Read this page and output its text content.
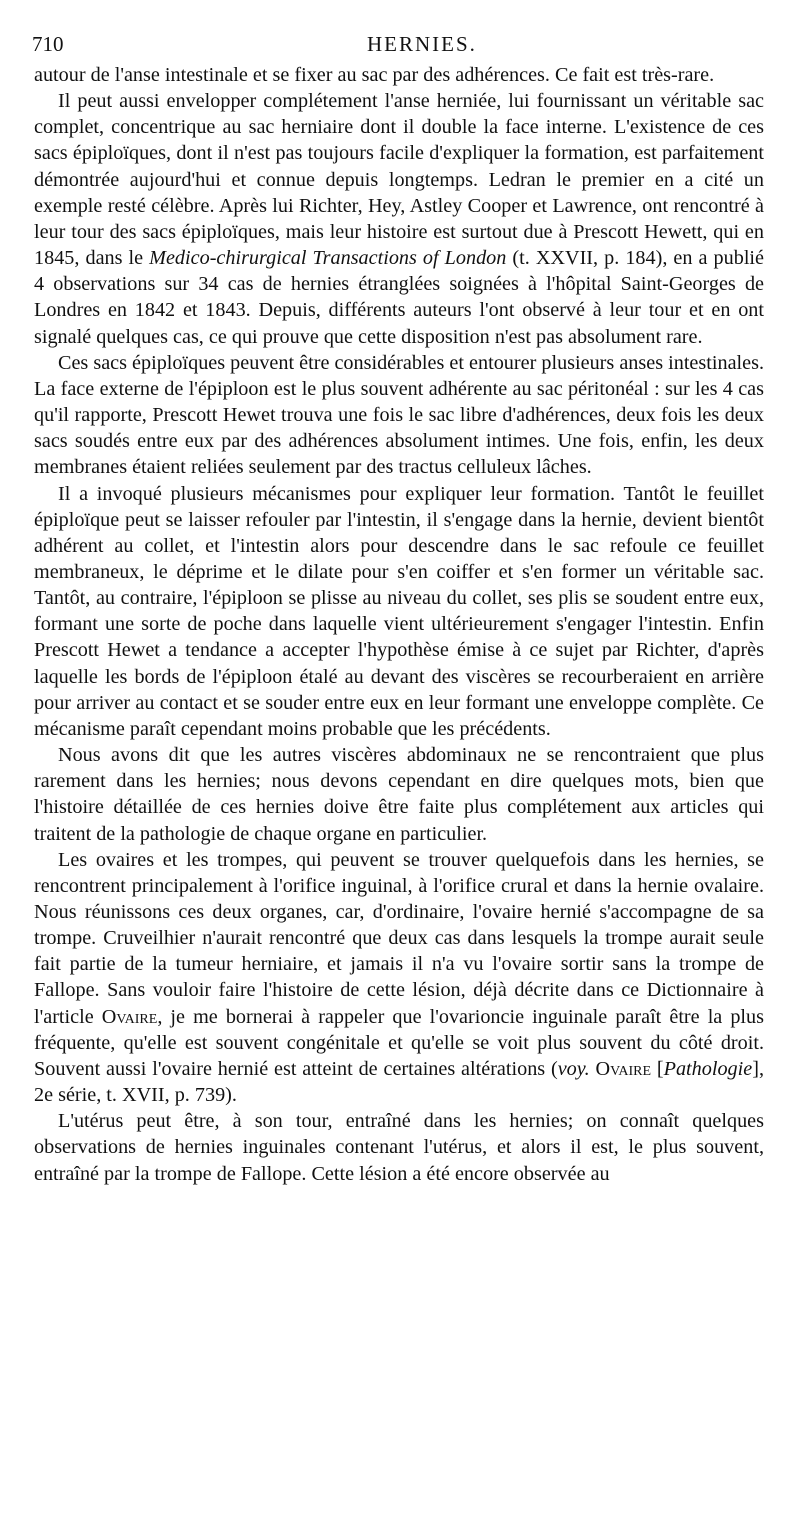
710	HERNIES.

autour de l'anse intestinale et se fixer au sac par des adhérences. Ce fait est très-rare.

Il peut aussi envelopper complétement l'anse herniée, lui fournissant un véritable sac complet, concentrique au sac herniaire dont il double la face interne. L'existence de ces sacs épiploïques, dont il n'est pas toujours facile d'expliquer la formation, est parfaitement démontrée aujourd'hui et connue depuis longtemps. Ledran le premier en a cité un exemple resté célèbre. Après lui Richter, Hey, Astley Cooper et Lawrence, ont rencontré à leur tour des sacs épiploïques, mais leur histoire est surtout due à Prescott Hewett, qui en 1845, dans le Medico-chirurgical Transactions of London (t. XXVII, p. 184), en a publié 4 observations sur 34 cas de hernies étranglées soignées à l'hôpital Saint-Georges de Londres en 1842 et 1843. Depuis, différents auteurs l'ont observé à leur tour et en ont signalé quelques cas, ce qui prouve que cette disposition n'est pas absolument rare.

Ces sacs épiploïques peuvent être considérables et entourer plusieurs anses intestinales. La face externe de l'épiploon est le plus souvent adhérente au sac péritonéal : sur les 4 cas qu'il rapporte, Prescott Hewet trouva une fois le sac libre d'adhérences, deux fois les deux sacs soudés entre eux par des adhérences absolument intimes. Une fois, enfin, les deux membranes étaient reliées seulement par des tractus celluleux lâches.

Il a invoqué plusieurs mécanismes pour expliquer leur formation. Tantôt le feuillet épiploïque peut se laisser refouler par l'intestin, il s'engage dans la hernie, devient bientôt adhérent au collet, et l'intestin alors pour descendre dans le sac refoule ce feuillet membraneux, le déprime et le dilate pour s'en coiffer et s'en former un véritable sac. Tantôt, au contraire, l'épiploon se plisse au niveau du collet, ses plis se soudent entre eux, formant une sorte de poche dans laquelle vient ultérieurement s'engager l'intestin. Enfin Prescott Hewet a tendance a accepter l'hypothèse émise à ce sujet par Richter, d'après laquelle les bords de l'épiploon étalé au devant des viscères se recourberaient en arrière pour arriver au contact et se souder entre eux en leur formant une enveloppe complète. Ce mécanisme paraît cependant moins probable que les précédents.

Nous avons dit que les autres viscères abdominaux ne se rencontraient que plus rarement dans les hernies; nous devons cependant en dire quelques mots, bien que l'histoire détaillée de ces hernies doive être faite plus complétement aux articles qui traitent de la pathologie de chaque organe en particulier.

Les ovaires et les trompes, qui peuvent se trouver quelquefois dans les hernies, se rencontrent principalement à l'orifice inguinal, à l'orifice crural et dans la hernie ovalaire. Nous réunissons ces deux organes, car, d'ordinaire, l'ovaire hernié s'accompagne de sa trompe. Cruveilhier n'aurait rencontré que deux cas dans lesquels la trompe aurait seule fait partie de la tumeur herniaire, et jamais il n'a vu l'ovaire sortir sans la trompe de Fallope. Sans vouloir faire l'histoire de cette lésion, déjà décrite dans ce Dictionnaire à l'article Ovaire, je me bornerai à rappeler que l'ovarioncie inguinale paraît être la plus fréquente, qu'elle est souvent congénitale et qu'elle se voit plus souvent du côté droit. Souvent aussi l'ovaire hernié est atteint de certaines altérations (voy. Ovaire [Pathologie], 2e série, t. XVII, p. 739).

L'utérus peut être, à son tour, entraîné dans les hernies; on connaît quelques observations de hernies inguinales contenant l'utérus, et alors il est, le plus souvent, entraîné par la trompe de Fallope. Cette lésion a été encore observée au
